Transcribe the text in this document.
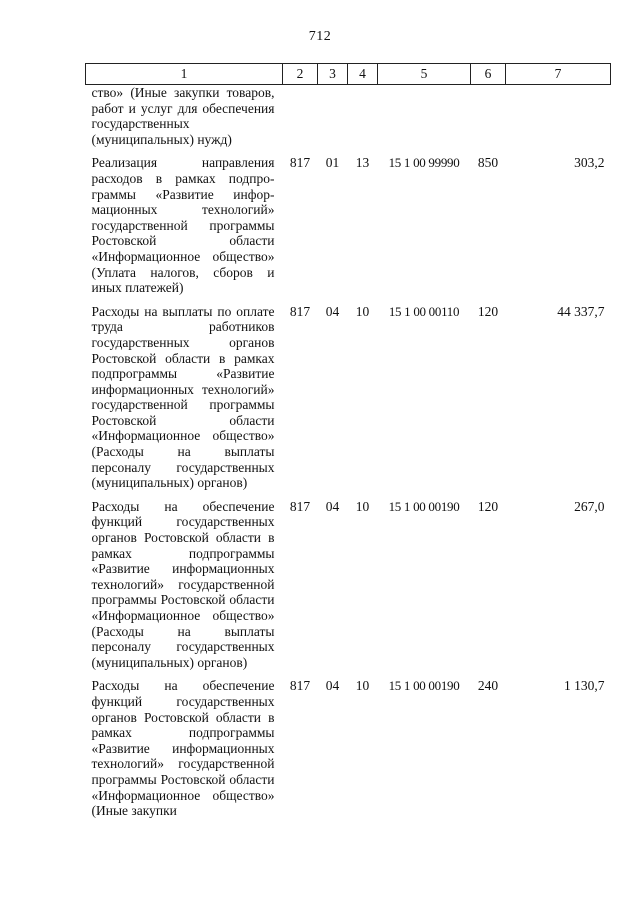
712
1	2	3	4	5	6	7
ство» (Иные закупки товаров, работ и услуг для обеспечения государственных (муниципальных) нужд)						
Реализация направления расходов в рамках подпрограммы «Развитие информационных технологий» государственной программы Ростовской области «Информационное общество» (Уплата налогов, сборов и иных платежей)	817	01	13	15 1 00 99990	850	303,2
Расходы на выплаты по оплате труда работников государственных органов Ростовской области в рамках подпрограммы «Развитие информационных технологий» государственной программы Ростовской области «Информационное общество» (Расходы на выплаты персоналу государственных (муниципальных) органов)	817	04	10	15 1 00 00110	120	44 337,7
Расходы на обеспечение функций государственных органов Ростовской области в рамках подпрограммы «Развитие информационных технологий» государственной программы Ростовской области «Информационное общество» (Расходы на выплаты персоналу государственных (муниципальных) органов)	817	04	10	15 1 00 00190	120	267,0
Расходы на обеспечение функций государственных органов Ростовской области в рамках подпрограммы «Развитие информационных технологий» государственной программы Ростовской области «Информационное общество» (Иные закупки	817	04	10	15 1 00 00190	240	1 130,7
